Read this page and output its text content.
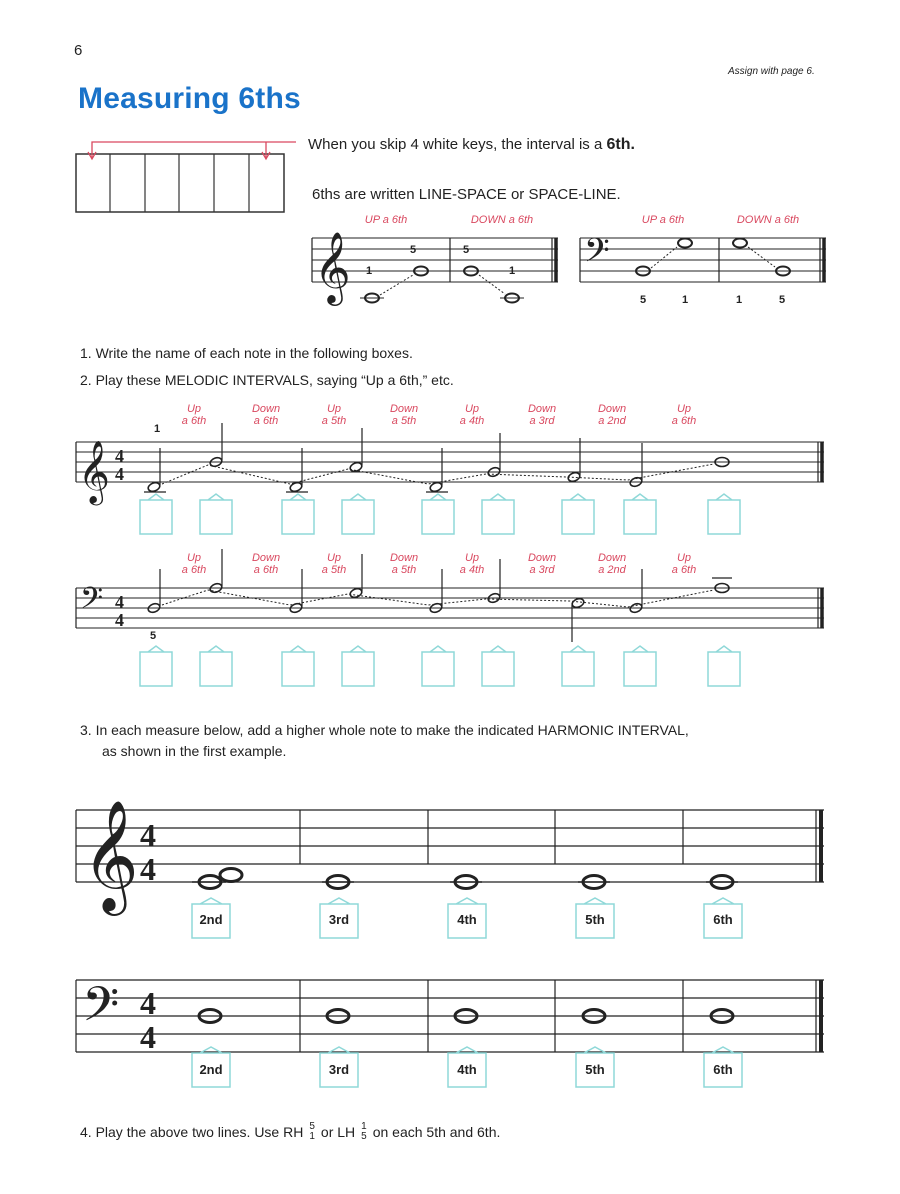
6
Assign with page 6.
Measuring 6ths
𝄞	𝄢
𝄞 4
4
𝄢 4
4
𝄞 4
4
𝄢 4
4
When you skip 4 white keys, the interval is a 6th.
6ths are written LINE-SPACE or SPACE-LINE.
UP a 6th	DOWN a 6th	UP a 6th	DOWN a 6th
1
5	5
1
5	1	1	5
1. Write the name of each note in the following boxes.
2. Play these MELODIC INTERVALS, saying “Up a 6th,” etc.
1
Up
a 6th
Down
a 6th
Up
a 5th
Down
a 5th
Up
a 4th
Down
a 3rd
Down
a 2nd
Up
a 6th
5
Up
a 6th
Down
a 6th
Up
a 5th
Down
a 5th
Up
a 4th
Down
a 3rd
Down
a 2nd
Up
a 6th
3. In each measure below, add a higher whole note to make the indicated HARMONIC INTERVAL,
as shown in the first example.
2nd	3rd	4th	5th	6th
2nd	3rd	4th	5th	6th
4. Play the above two lines. Use RH 5
1 or LH 1
5 on each 5th and 6th.
